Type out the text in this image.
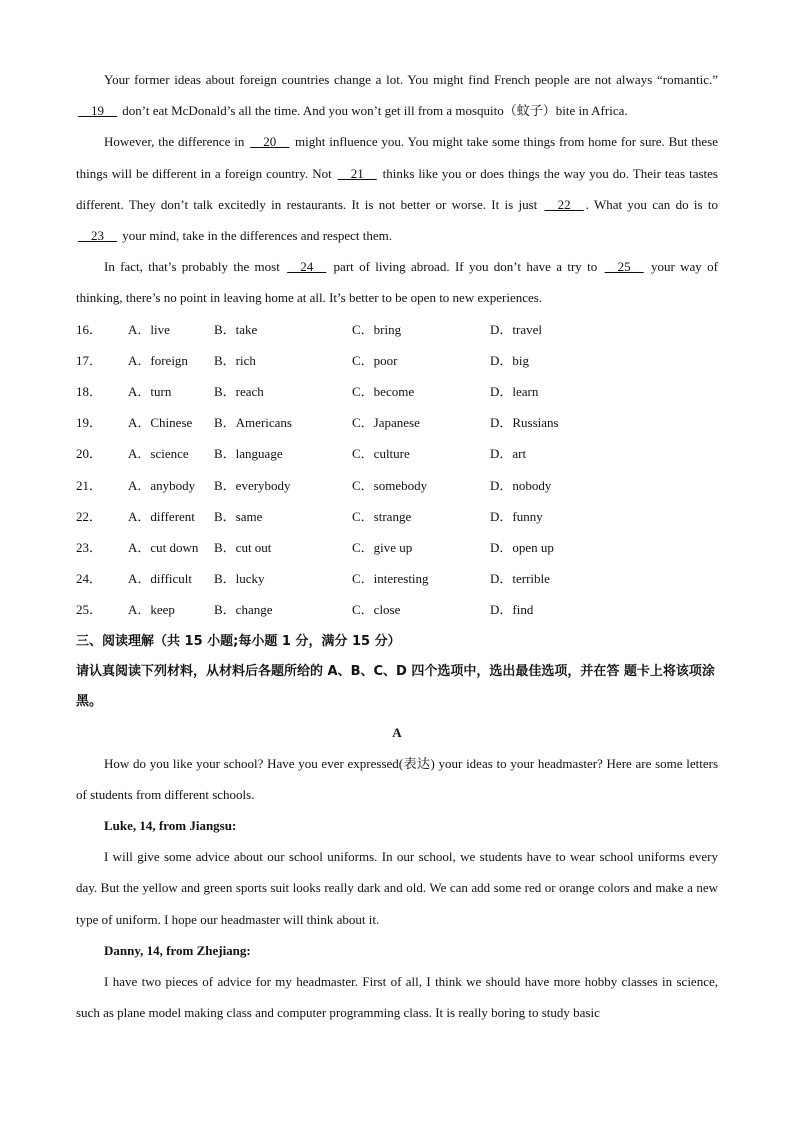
Your former ideas about foreign countries change a lot. You might find French people are not always “romantic.” __19__ don’t eat McDonald’s all the time. And you won’t get ill from a mosquito（蚊子）bite in Africa.

However, the difference in __20__ might influence you. You might take some things from home for sure. But these things will be different in a foreign country. Not __21__ thinks like you or does things the way you do. Their teas tastes different. They don’t talk excitedly in restaurants. It is not better or worse. It is just __22__ . What you can do is to __23__ your mind, take in the differences and respect them.

In fact, that’s probably the most __24__ part of living abroad. If you don’t have a try to __25__ your way of thinking, there’s no point in leaving home at all. It’s better to be open to new experiences.

16．	A．live	B．take	C．bring	D．travel
17．	A．foreign	B．rich	C．poor	D．big
18．	A．turn	B．reach	C．become	D．learn
19．	A．Chinese	B．Americans	C．Japanese	D．Russians
20．	A．science	B．language	C．culture	D．art
21．	A．anybody	B．everybody	C．somebody	D．nobody
22．	A．different	B．same	C．strange	D．funny
23．	A．cut down	B．cut out	C．give up	D．open up
24．	A．difficult	B．lucky	C．interesting	D．terrible
25．	A．keep	B．change	C．close	D．find

三、阅读理解（共 15 小题;每小题 1 分，满分 15 分）

请认真阅读下列材料，从材料后各题所给的 A、B、C、D 四个选项中，选出最佳选项，并在答 题卡上将该项涂黑。

A

How do you like your school? Have you ever expressed(表达) your ideas to your headmaster? Here are some letters of students from different schools.

Luke, 14, from Jiangsu:

I will give some advice about our school uniforms. In our school, we students have to wear school uniforms every day. But the yellow and green sports suit looks really dark and old. We can add some red or orange colors and make a new type of uniform. I hope our headmaster will think about it.

Danny, 14, from Zhejiang:

I have two pieces of advice for my headmaster. First of all, I think we should have more hobby classes in science, such as plane model making class and computer programming class. It is really boring to study basic
